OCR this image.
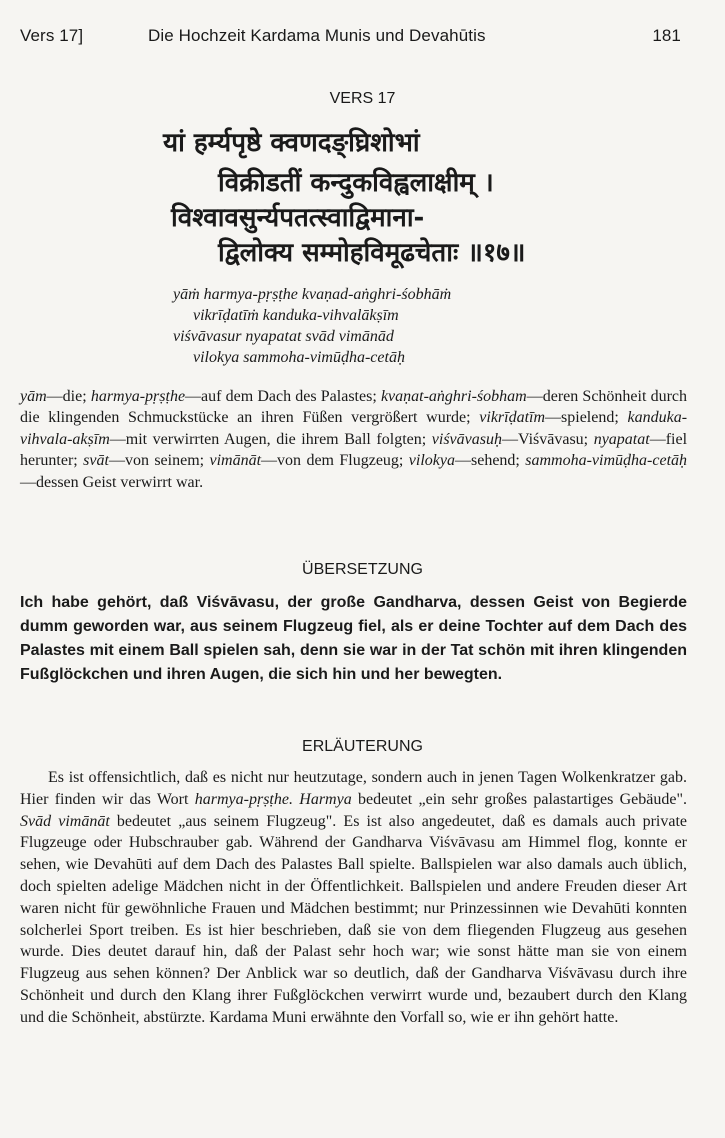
Vers 17]	Die Hochzeit Kardama Munis und Devahūtis	181
VERS 17
यां हर्म्यपृष्ठे क्वणदङ्घ्रिशोभां
विक्रीडतीं कन्दुकविह्वलाक्षीम् ।
विश्वावसुर्न्यपतत्स्वाद्विमाना-
द्विलोक्य सम्मोहविमूढचेताः ॥१७॥
yāṁ harmya-pṛṣṭhe kvaṇad-aṅghri-śobhāṁ
vikrīḍatīṁ kanduka-vihvalākṣīm
viśvāvasur nyapatat svād vimānād
vilokya sammoha-vimūḍha-cetāḥ
yām—die; harmya-pṛṣṭhe—auf dem Dach des Palastes; kvaṇat-aṅghri-śobham—deren Schönheit durch die klingenden Schmuckstücke an ihren Füßen vergrößert wurde; vikrīḍatīm—spielend; kanduka-vihvala-akṣīm—mit verwirrten Augen, die ihrem Ball folgten; viśvāvasuḥ—Viśvāvasu; nyapatat—fiel herunter; svāt—von seinem; vimānāt—von dem Flugzeug; vilokya—sehend; sammoha-vimūḍha-cetāḥ—dessen Geist verwirrt war.
ÜBERSETZUNG
Ich habe gehört, daß Viśvāvasu, der große Gandharva, dessen Geist von Begierde dumm geworden war, aus seinem Flugzeug fiel, als er deine Tochter auf dem Dach des Palastes mit einem Ball spielen sah, denn sie war in der Tat schön mit ihren klingenden Fußglöckchen und ihren Augen, die sich hin und her bewegten.
ERLÄUTERUNG

Es ist offensichtlich, daß es nicht nur heutzutage, sondern auch in jenen Tagen Wolkenkratzer gab. Hier finden wir das Wort harmya-pṛṣṭhe. Harmya bedeutet „ein sehr großes palastartiges Gebäude". Svād vimānāt bedeutet „aus seinem Flugzeug". Es ist also angedeutet, daß es damals auch private Flugzeuge oder Hubschrauber gab. Während der Gandharva Viśvāvasu am Himmel flog, konnte er sehen, wie Devahūti auf dem Dach des Palastes Ball spielte. Ballspielen war also damals auch üblich, doch spielten adelige Mädchen nicht in der Öffentlichkeit. Ballspielen und andere Freuden dieser Art waren nicht für gewöhnliche Frauen und Mädchen bestimmt; nur Prinzessinnen wie Devahūti konnten solcherlei Sport treiben. Es ist hier beschrieben, daß sie von dem fliegenden Flugzeug aus gesehen wurde. Dies deutet darauf hin, daß der Palast sehr hoch war; wie sonst hätte man sie von einem Flugzeug aus sehen können? Der Anblick war so deutlich, daß der Gandharva Viśvāvasu durch ihre Schönheit und durch den Klang ihrer Fußglöckchen verwirrt wurde und, bezaubert durch den Klang und die Schönheit, abstürzte. Kardama Muni erwähnte den Vorfall so, wie er ihn gehört hatte.
